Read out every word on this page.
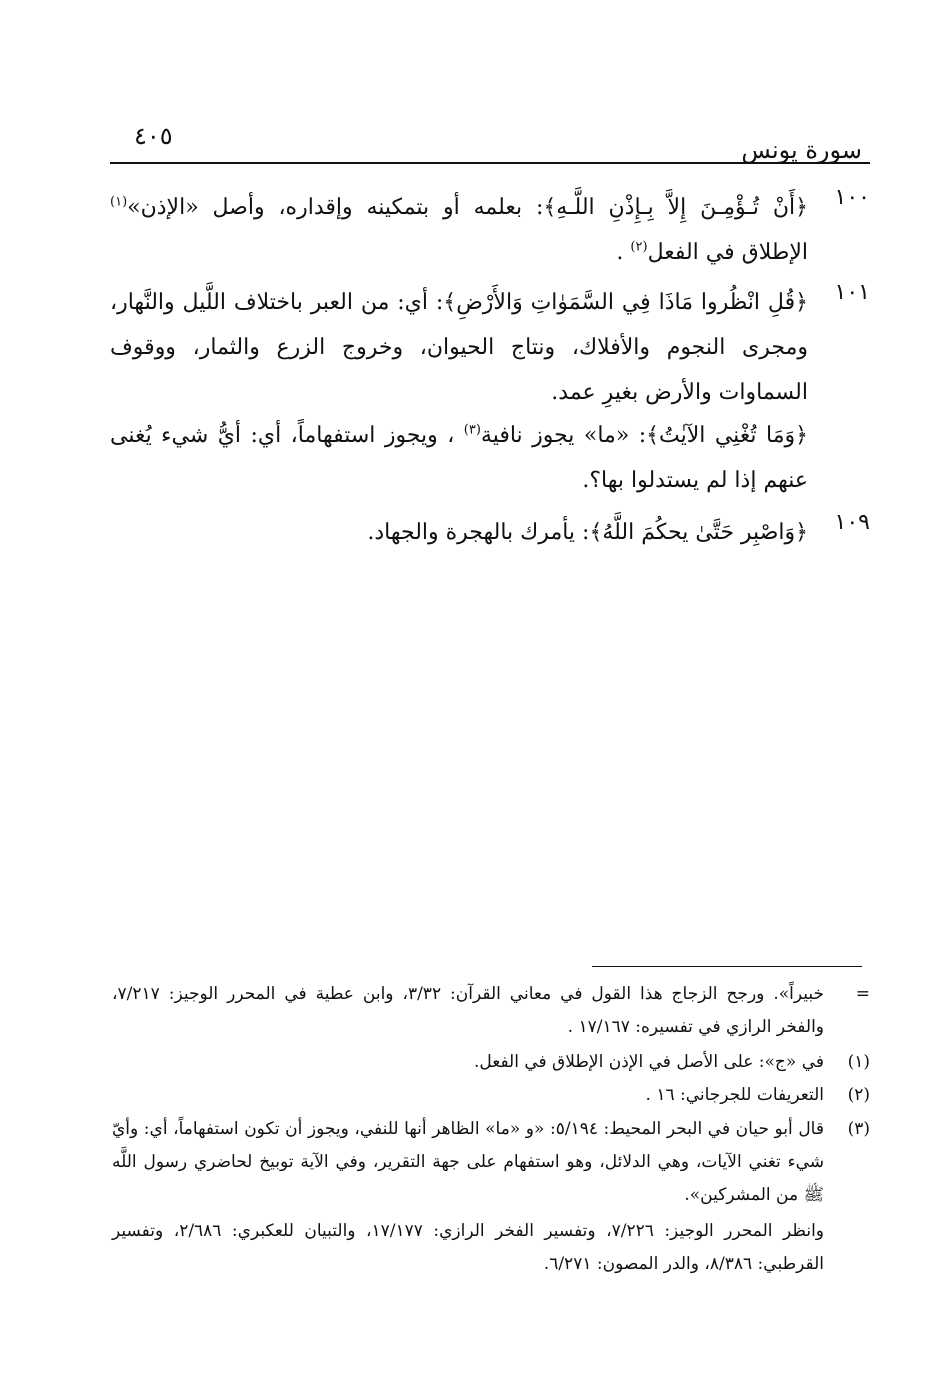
سورة يونس
٤٠٥
١٠٠
﴿أَنْ تُـؤْمِـنَ إِلاَّ بِـإِذْنِ اللَّـهِ﴾: بعلمه أو بتمكينه وإقداره، وأصل «الإذن»$^{(١)}$ الإطلاق في الفعل$^{(٢)}$ .
١٠١
﴿قُلِ انْظُروا مَاذَا فِي السَّمَوٰاتِ وَالأَرْضِ﴾: أي: من العبر باختلاف اللَّيل والنَّهار، ومجرى النجوم والأفلاك، ونتاج الحيوان، وخروج الزرع والثمار، ووقوف السماوات والأرض بغيرِ عمد.
﴿وَمَا تُغْنِي الآيٰتُ﴾: «ما» يجوز نافية$^{(٣)}$ ، ويجوز استفهاماً، أي: أيُّ شيء يُغنى عنهم إذا لم يستدلوا بها؟.
١٠٩
﴿وَاصْبِر حَتَّىٰ يحكُمَ اللَّهُ﴾: يأمرك بالهجرة والجهاد.
=
خبيراً». ورجح الزجاج هذا القول في معاني القرآن: ٣/٣٢، وابن عطية في المحرر الوجيز: ٧/٢١٧، والفخر الرازي في تفسيره: ١٧/١٦٧ .
(١)
في «ج»: على الأصل في الإذن الإطلاق في الفعل.
(٢)
التعريفات للجرجاني: ١٦ .
(٣)
قال أبو حيان في البحر المحيط: ٥/١٩٤: «و «ما» الظاهر أنها للنفي، ويجوز أن تكون استفهاماً، أي: وأيّ شيء تغني الآيات، وهي الدلائل، وهو استفهام على جهة التقرير، وفي الآية توبيخ لحاضري رسول اللَّه ﷺ من المشركين».
وانظر المحرر الوجيز: ٧/٢٢٦، وتفسير الفخر الرازي: ١٧/١٧٧، والتبيان للعكبري: ٢/٦٨٦، وتفسير القرطبي: ٨/٣٨٦، والدر المصون: ٦/٢٧١.
